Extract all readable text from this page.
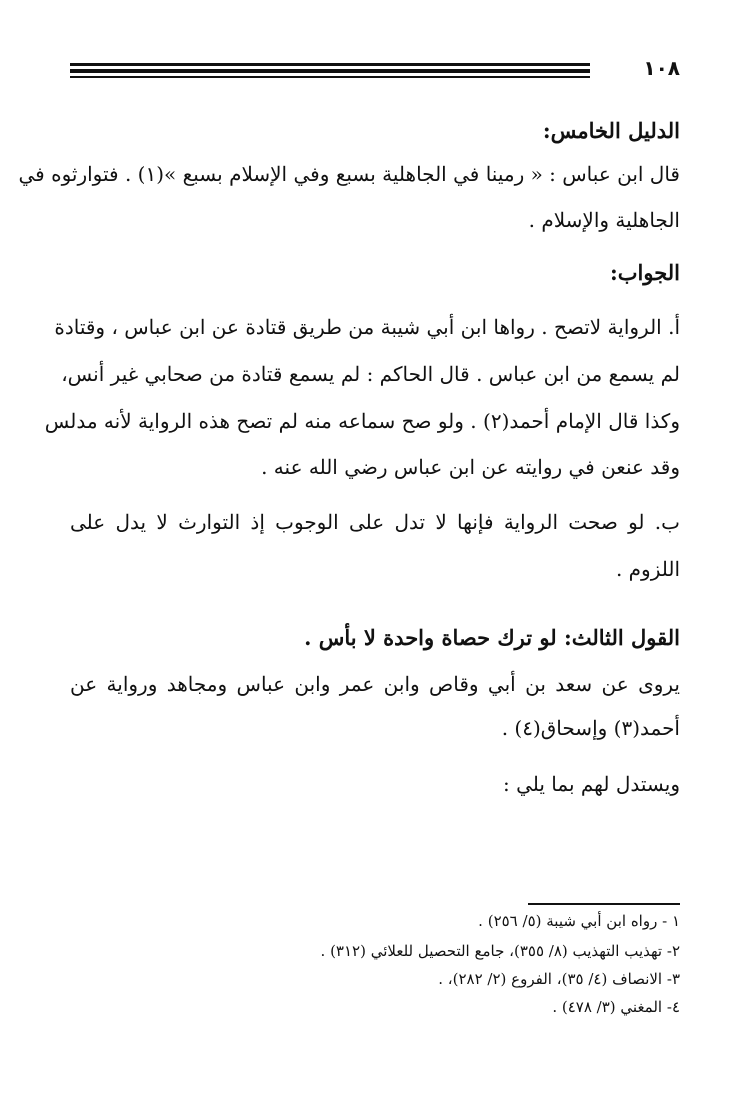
١٠٨
الدليل الخامس:
قال ابن عباس : « رمينا في الجاهلية بسبع وفي الإسلام بسبع »(١) . فتوارثوه في
الجاهلية والإسلام .
الجواب:
أ. الرواية لاتصح . رواها ابن أبي شيبة من طريق قتادة عن ابن عباس ، وقتادة
لم يسمع من ابن عباس . قال الحاكم : لم يسمع قتادة من صحابي غير أنس،
وكذا قال الإمام أحمد(٢) . ولو صح سماعه منه لم تصح هذه الرواية لأنه مدلس
وقد عنعن في روايته عن ابن عباس رضي الله عنه .
ب. لو صحت الرواية فإنها لا تدل على الوجوب إذ التوارث لا يدل على
اللزوم .
القول الثالث: لو ترك حصاة واحدة لا بأس .
يروى عن سعد بن أبي وقاص وابن عمر وابن عباس ومجاهد ورواية عن
أحمد(٣) وإسحاق(٤) .
ويستدل لهم بما يلي :
١ - رواه ابن أبي شيبة (٥/ ٢٥٦) .
٢- تهذيب التهذيب (٨/ ٣٥٥)، جامع التحصيل للعلائي (٣١٢) .
٣- الانصاف (٤/ ٣٥)، الفروع (٢/ ٢٨٢)، .
٤- المغني (٣/ ٤٧٨) .
